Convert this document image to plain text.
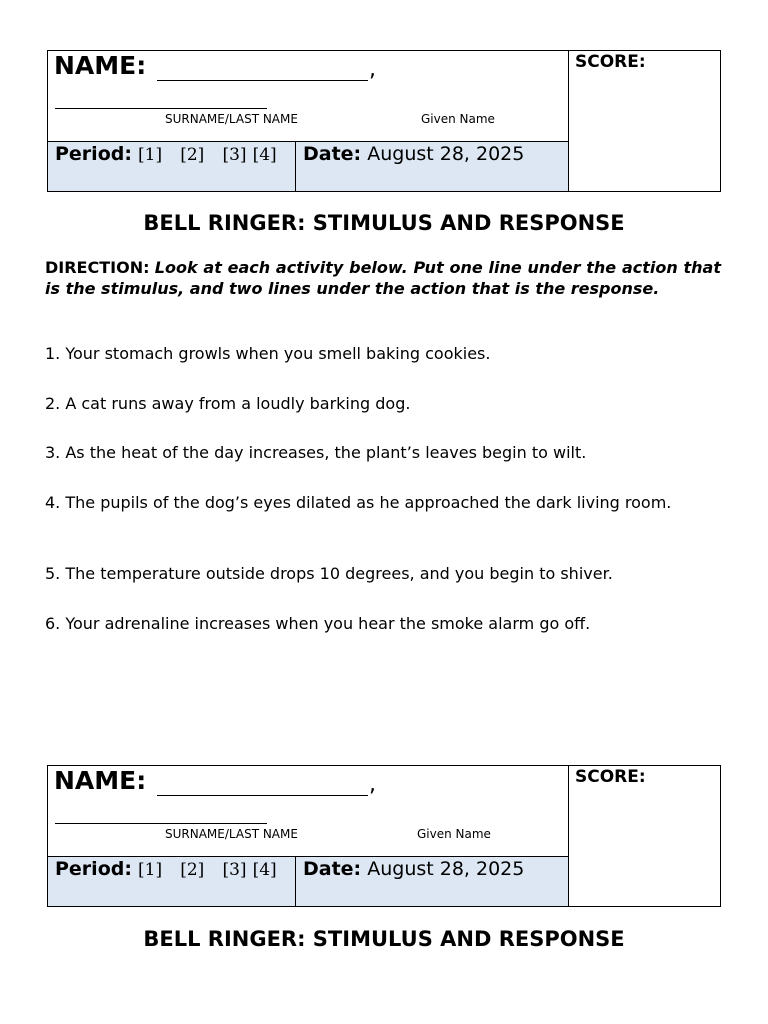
NAME:	,
SURNAME/LAST NAME	Given Name
SCORE:
Period: [1] [2] [3] [4]	Date: August 28, 2025
BELL RINGER: STIMULUS AND RESPONSE
DIRECTION: Look at each activity below. Put one line under the action that is the stimulus, and two lines under the action that is the response.
1. Your stomach growls when you smell baking cookies.
2. A cat runs away from a loudly barking dog.
3. As the heat of the day increases, the plant’s leaves begin to wilt.
4. The pupils of the dog’s eyes dilated as he approached the dark living room.
5. The temperature outside drops 10 degrees, and you begin to shiver.
6. Your adrenaline increases when you hear the smoke alarm go off.
NAME:	,
SURNAME/LAST NAME	Given Name
SCORE:
Period: [1] [2] [3] [4]	Date: August 28, 2025
BELL RINGER: STIMULUS AND RESPONSE
